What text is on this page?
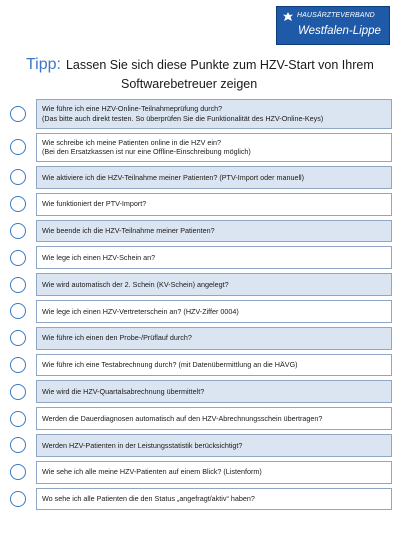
HAUSÄRZTEVERBAND
Westfalen-Lippe
Tipp: Lassen Sie sich diese Punkte zum HZV-Start von Ihrem
Softwarebetreuer zeigen
Wie führe ich eine HZV-Online-Teilnahmeprüfung durch?
(Das bitte auch direkt testen. So überprüfen Sie die Funktionalität des HZV-Online-Keys)
Wie schreibe ich meine Patienten online in die HZV ein?
(Bei den Ersatzkassen ist nur eine Offline-Einschreibung möglich)
Wie aktiviere ich die HZV-Teilnahme meiner Patienten? (PTV-Import oder manuell)
Wie funktioniert der PTV-Import?
Wie beende ich die HZV-Teilnahme meiner Patienten?
Wie lege ich einen HZV-Schein an?
Wie wird automatisch der 2. Schein (KV-Schein) angelegt?
Wie lege ich einen HZV-Vertreterschein an? (HZV-Ziffer 0004)
Wie führe ich einen den Probe-/Prüflauf durch?
Wie führe ich eine Testabrechnung durch? (mit Datenübermittlung an die HÄVG)
Wie wird die HZV-Quartalsabrechnung übermittelt?
Werden die Dauerdiagnosen automatisch auf den HZV-Abrechnungsschein übertragen?
Werden HZV-Patienten in der Leistungsstatistik berücksichtigt?
Wie sehe ich alle meine HZV-Patienten auf einem Blick? (Listenform)
Wo sehe ich alle Patienten die den Status „angefragt/aktiv“ haben?
